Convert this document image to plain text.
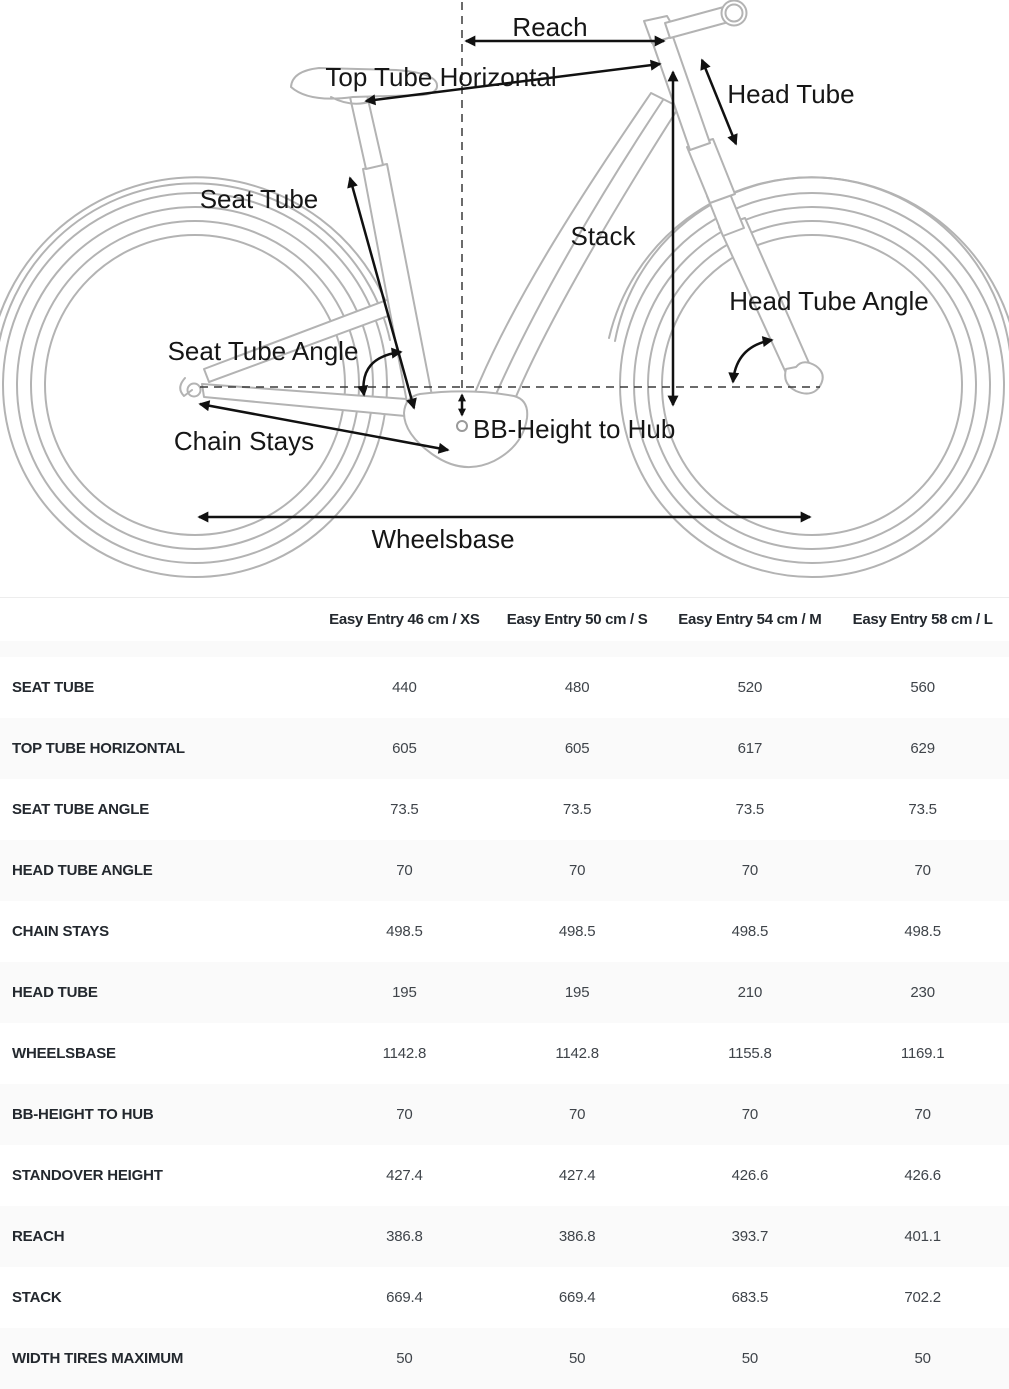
Reach
Top Tube Horizontal
Head Tube
Seat Tube
Stack
Head Tube Angle
Seat Tube Angle
Chain Stays	BB-Height to Hub
Wheelsbase
Easy Entry 46 cm / XS	Easy Entry 50 cm / S	Easy Entry 54 cm / M	Easy Entry 58 cm / L
SEAT TUBE	440	480	520	560
TOP TUBE HORIZONTAL	605	605	617	629
SEAT TUBE ANGLE	73.5	73.5	73.5	73.5
HEAD TUBE ANGLE	70	70	70	70
CHAIN STAYS	498.5	498.5	498.5	498.5
HEAD TUBE	195	195	210	230
WHEELSBASE	1142.8	1142.8	1155.8	1169.1
BB-HEIGHT TO HUB	70	70	70	70
STANDOVER HEIGHT	427.4	427.4	426.6	426.6
REACH	386.8	386.8	393.7	401.1
STACK	669.4	669.4	683.5	702.2
WIDTH TIRES MAXIMUM	50	50	50	50
